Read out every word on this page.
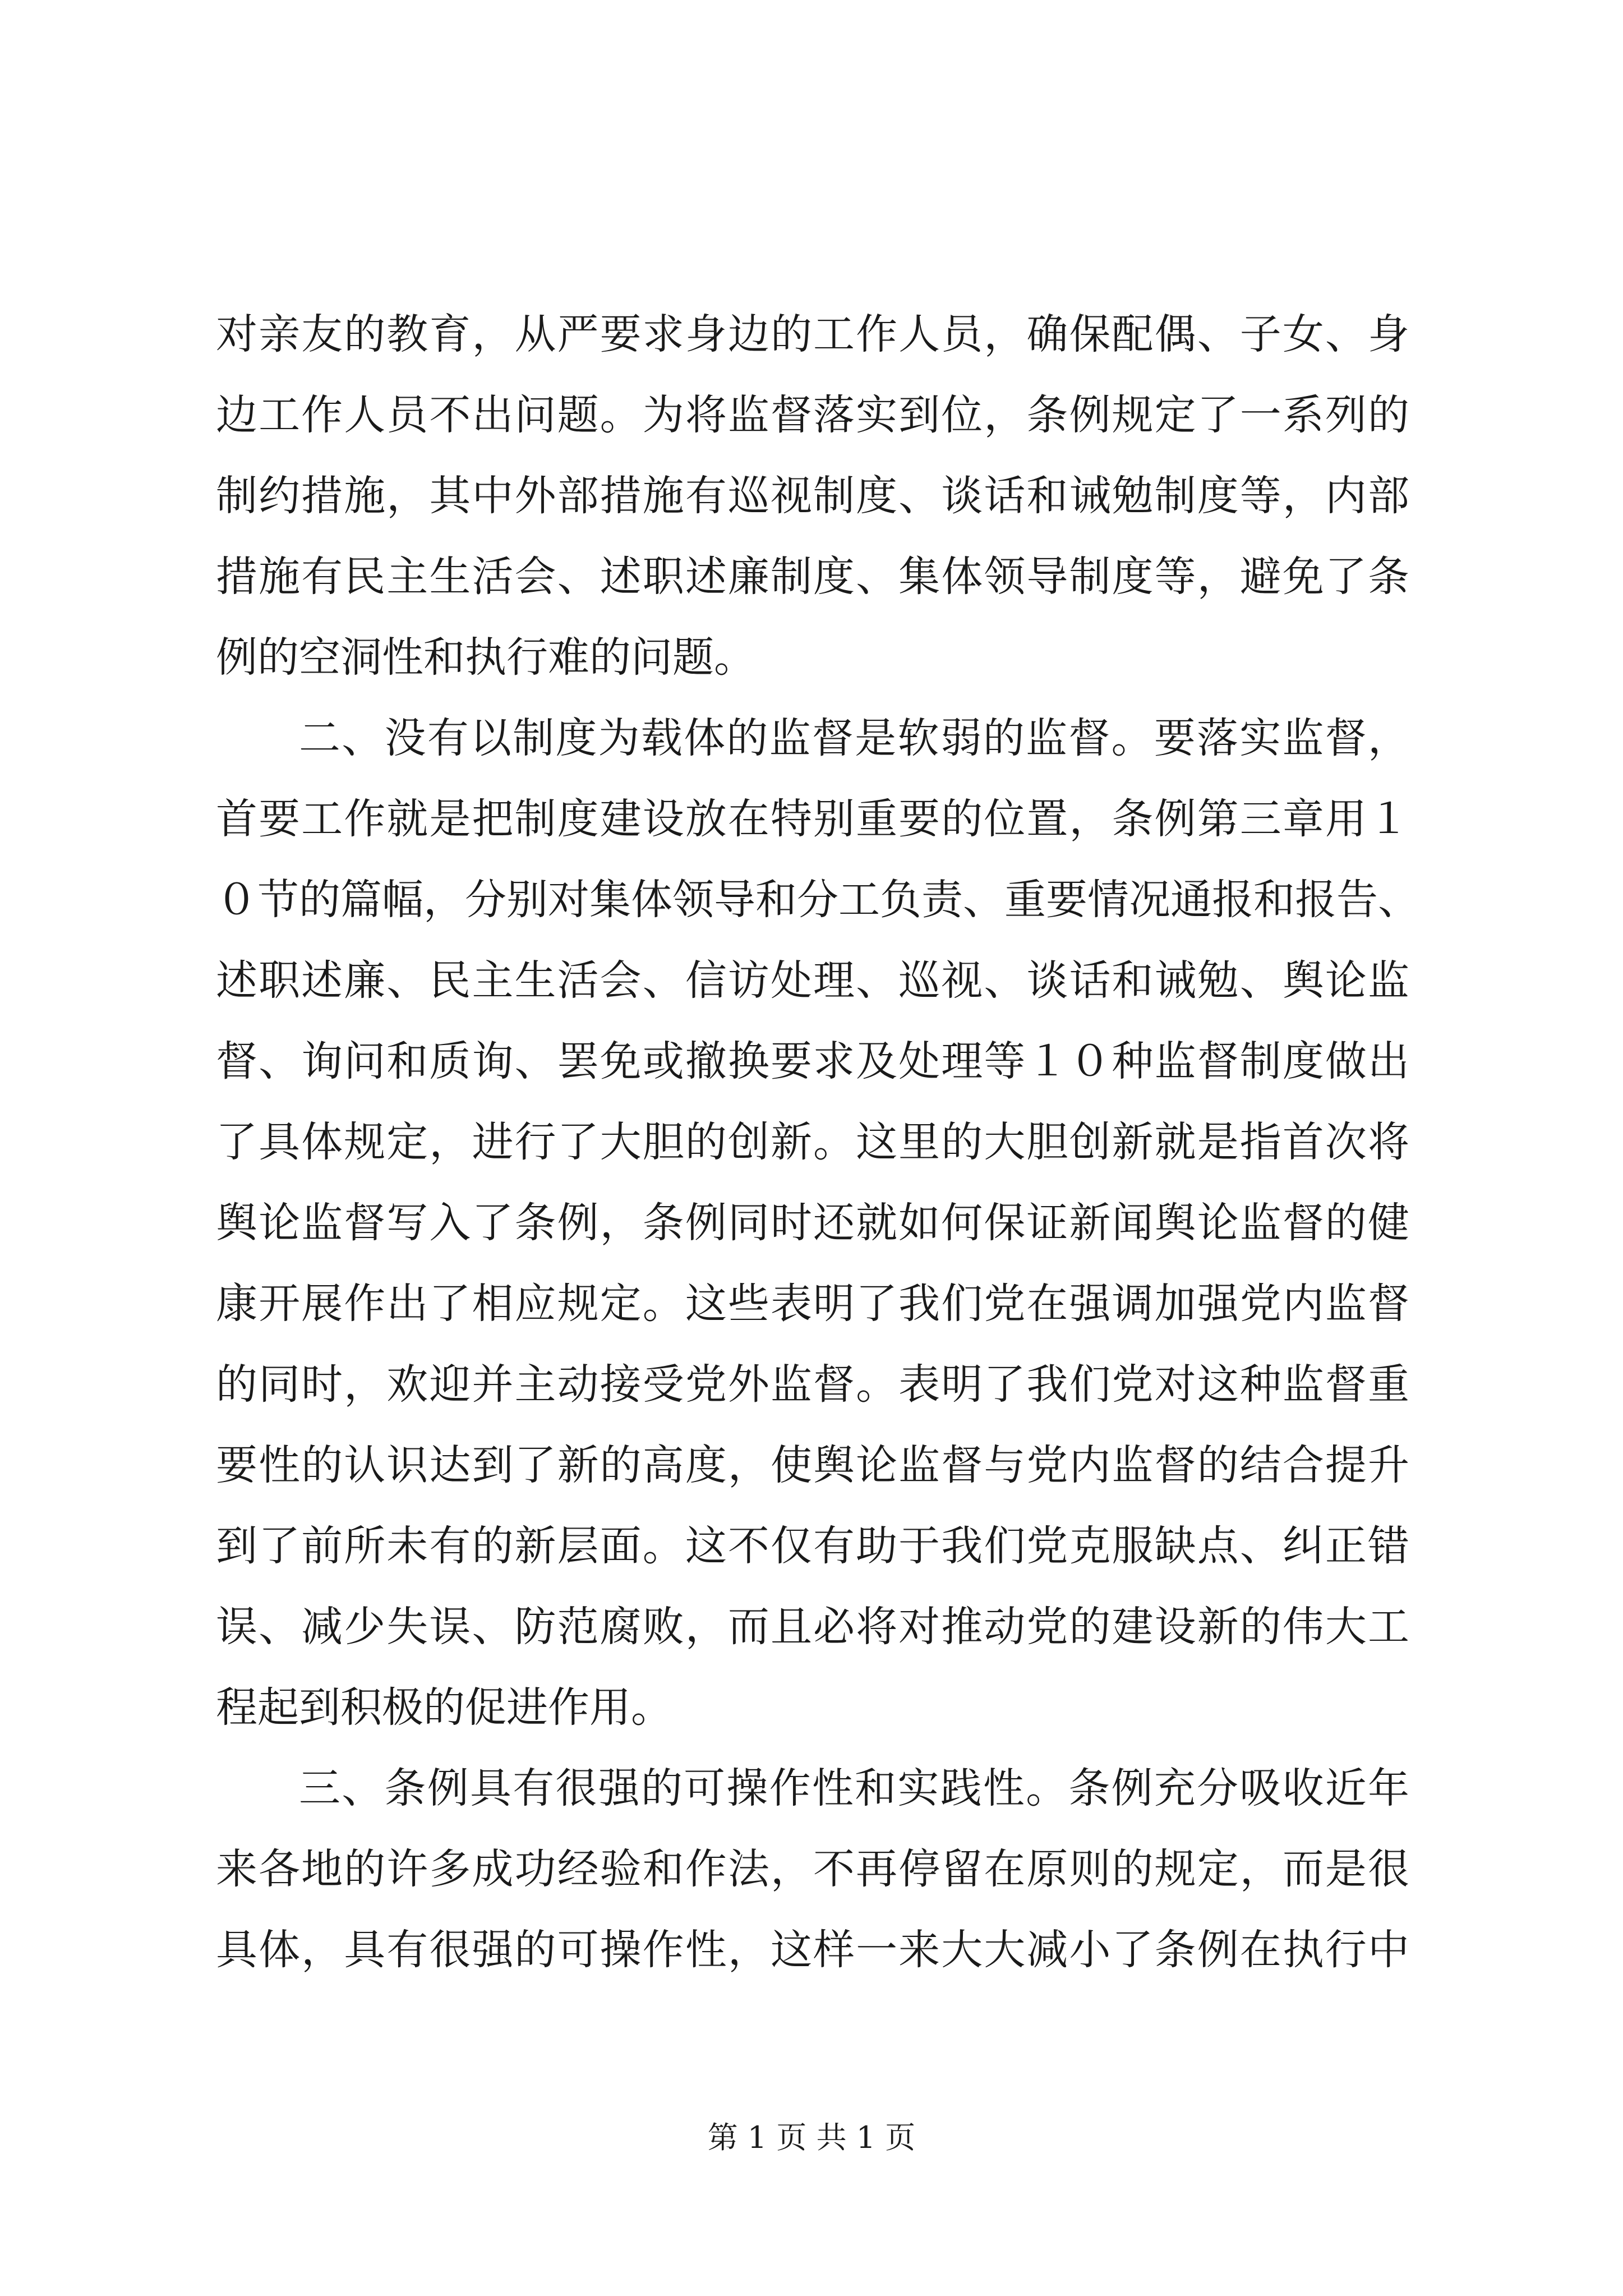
对亲友的教育，从严要求身边的工作人员，确保配偶、子女、身
边工作人员不出问题。为将监督落实到位，条例规定了一系列的
制约措施，其中外部措施有巡视制度、谈话和诫勉制度等，内部
措施有民主生活会、述职述廉制度、集体领导制度等，避免了条
例的空洞性和执行难的问题。
二、没有以制度为载体的监督是软弱的监督。要落实监督，
首要工作就是把制度建设放在特别重要的位置，条例第三章用１
０节的篇幅，分别对集体领导和分工负责、重要情况通报和报告、
述职述廉、民主生活会、信访处理、巡视、谈话和诫勉、舆论监
督、询问和质询、罢免或撤换要求及处理等１０种监督制度做出
了具体规定，进行了大胆的创新。这里的大胆创新就是指首次将
舆论监督写入了条例，条例同时还就如何保证新闻舆论监督的健
康开展作出了相应规定。这些表明了我们党在强调加强党内监督
的同时，欢迎并主动接受党外监督。表明了我们党对这种监督重
要性的认识达到了新的高度，使舆论监督与党内监督的结合提升
到了前所未有的新层面。这不仅有助于我们党克服缺点、纠正错
误、减少失误、防范腐败，而且必将对推动党的建设新的伟大工
程起到积极的促进作用。
三、条例具有很强的可操作性和实践性。条例充分吸收近年
来各地的许多成功经验和作法，不再停留在原则的规定，而是很
具体，具有很强的可操作性，这样一来大大减小了条例在执行中
第 1 页 共 1 页
